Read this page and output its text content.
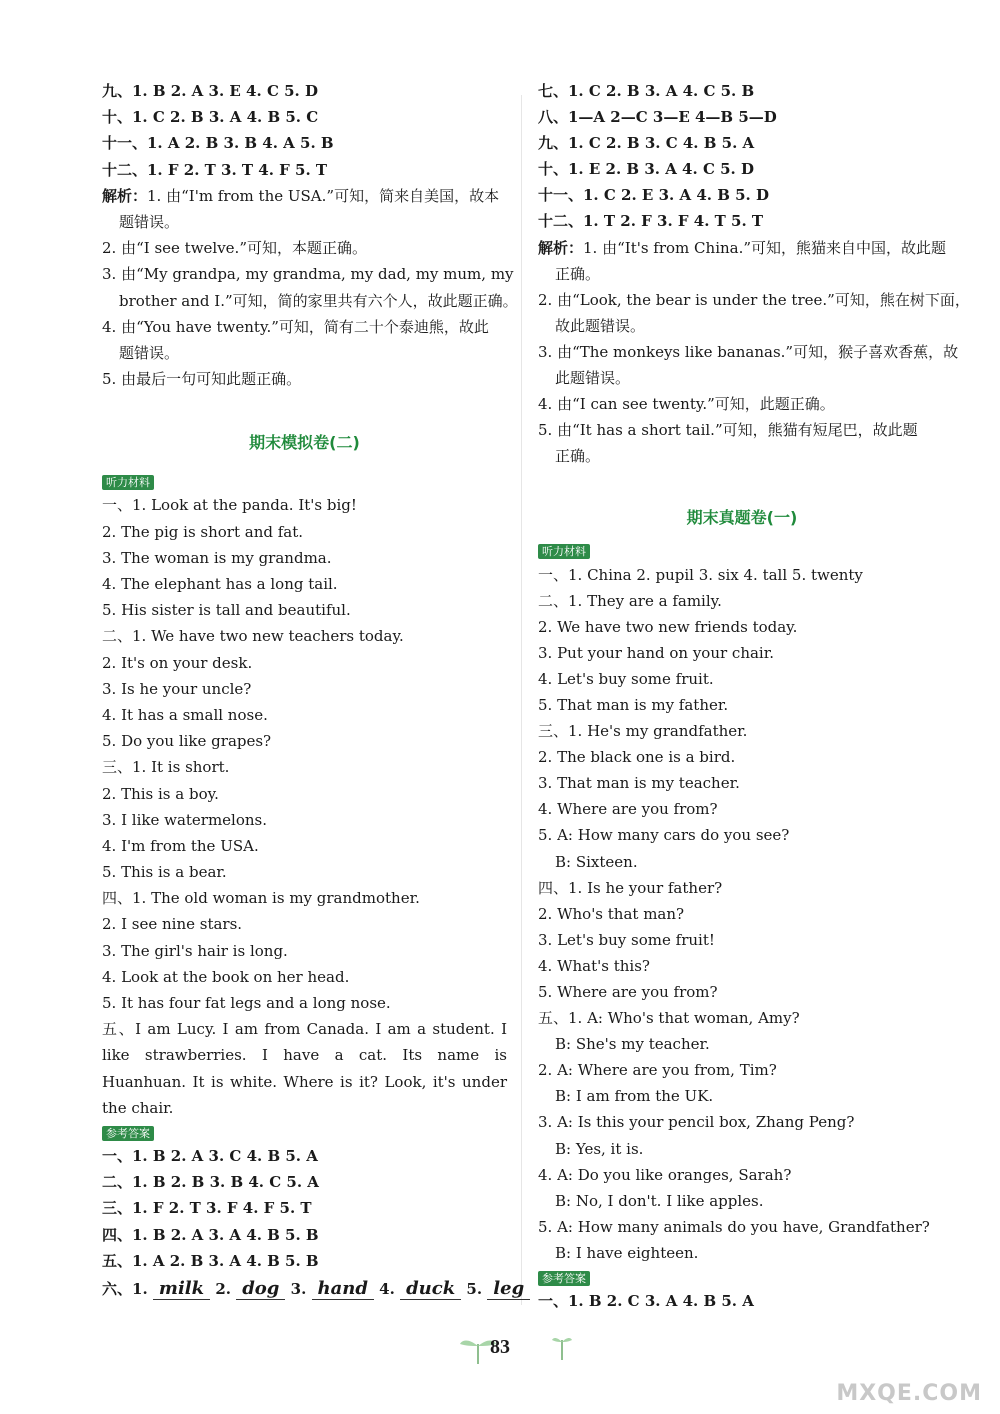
九、1. B 2. A 3. E 4. C 5. D
十、1. C 2. B 3. A 4. B 5. C
十一、1. A 2. B 3. B 4. A 5. B
十二、1. F 2. T 3. T 4. F 5. T
解析：1. 由“I'm from the USA.”可知，简来自美国，故本
题错误。
2. 由“I see twelve.”可知，本题正确。
3. 由“My grandpa, my grandma, my dad, my mum, my
brother and I.”可知，简的家里共有六个人，故此题正确。
4. 由“You have twenty.”可知，简有二十个泰迪熊，故此
题错误。
5. 由最后一句可知此题正确。
期末模拟卷(二)
听力材料
一、1. Look at the panda. It's big!
2. The pig is short and fat.
3. The woman is my grandma.
4. The elephant has a long tail.
5. His sister is tall and beautiful.
二、1. We have two new teachers today.
2. It's on your desk.
3. Is he your uncle?
4. It has a small nose.
5. Do you like grapes?
三、1. It is short.
2. This is a boy.
3. I like watermelons.
4. I'm from the USA.
5. This is a bear.
四、1. The old woman is my grandmother.
2. I see nine stars.
3. The girl's hair is long.
4. Look at the book on her head.
5. It has four fat legs and a long nose.
五、I am Lucy. I am from Canada. I am a student. I like strawberries. I have a cat. Its name is Huanhuan. It is white. Where is it? Look, it's under the chair.
参考答案
一、1. B 2. A 3. C 4. B 5. A
二、1. B 2. B 3. B 4. C 5. A
三、1. F 2. T 3. F 4. F 5. T
四、1. B 2. A 3. A 4. B 5. B
五、1. A 2. B 3. A 4. B 5. B
六、1. milk 2. dog 3. hand 4. duck 5. leg
七、1. C 2. B 3. A 4. C 5. B
八、1—A 2—C 3—E 4—B 5—D
九、1. C 2. B 3. C 4. B 5. A
十、1. E 2. B 3. A 4. C 5. D
十一、1. C 2. E 3. A 4. B 5. D
十二、1. T 2. F 3. F 4. T 5. T
解析：1. 由“It's from China.”可知，熊猫来自中国，故此题
正确。
2. 由“Look, the bear is under the tree.”可知，熊在树下面，
故此题错误。
3. 由“The monkeys like bananas.”可知，猴子喜欢香蕉，故
此题错误。
4. 由“I can see twenty.”可知，此题正确。
5. 由“It has a short tail.”可知，熊猫有短尾巴，故此题
正确。
期末真题卷(一)
听力材料
一、1. China 2. pupil 3. six 4. tall 5. twenty
二、1. They are a family.
2. We have two new friends today.
3. Put your hand on your chair.
4. Let's buy some fruit.
5. That man is my father.
三、1. He's my grandfather.
2. The black one is a bird.
3. That man is my teacher.
4. Where are you from?
5. A: How many cars do you see?
B: Sixteen.
四、1. Is he your father?
2. Who's that man?
3. Let's buy some fruit!
4. What's this?
5. Where are you from?
五、1. A: Who's that woman, Amy?
B: She's my teacher.
2. A: Where are you from, Tim?
B: I am from the UK.
3. A: Is this your pencil box, Zhang Peng?
B: Yes, it is.
4. A: Do you like oranges, Sarah?
B: No, I don't. I like apples.
5. A: How many animals do you have, Grandfather?
B: I have eighteen.
参考答案
一、1. B 2. C 3. A 4. B 5. A
83
MXQE.COM
